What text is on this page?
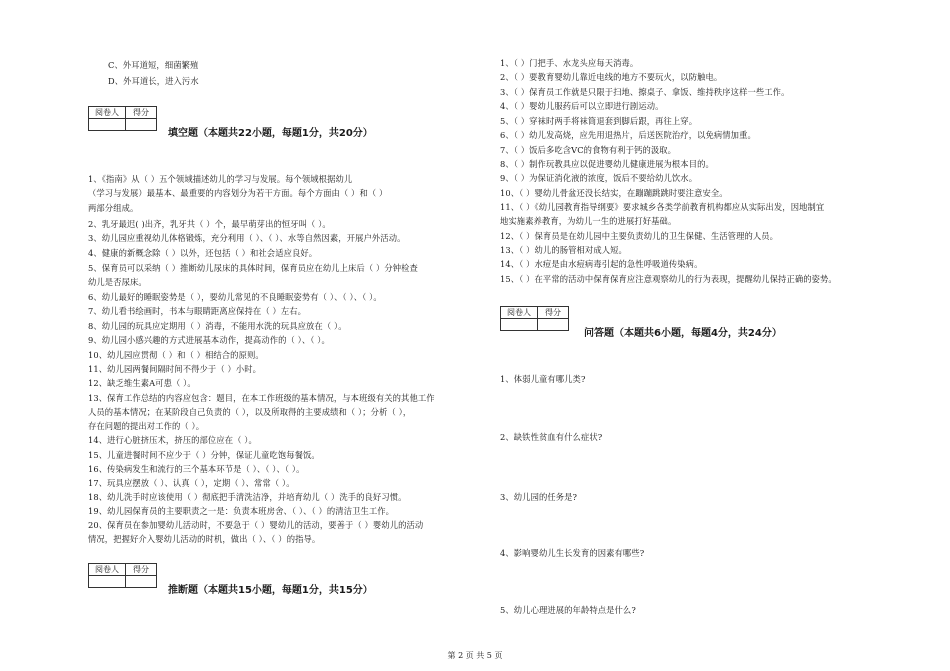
C、外耳道短，细菌繁殖
D、外耳道长，进入污水
阅卷人	得分

填空题（本题共22小题，每题1分，共20分）
1、《指南》从（ ）五个领域描述幼儿的学习与发展。每个领域根据幼儿
（学习与发展）最基本、最重要的内容划分为若干方面。每个方面由（ ）和（ ）
两部分组成。
2、乳牙最迟( )出齐，乳牙共（ ）个，最早萌芽出的恒牙叫（ ）。
3、幼儿园应重视幼儿体格锻炼，充分利用（ ）、（ ）、水等自然因素，开展户外活动。
4、健康的新概念除（ ）以外，还包括（ ）和社会适应良好。
5、保育员可以采纳（ ）推断幼儿尿床的具体时间，保育员应在幼儿上床后（ ）分钟检查
幼儿是否尿床。
6、幼儿最好的睡眠姿势是（ ），要幼儿常见的不良睡眠姿势有（ ）、（ ）、（ ）。
7、幼儿看书绘画时，书本与眼睛距离应保持在（ ）左右。
8、幼儿园的玩具应定期用（ ）消毒，不能用水洗的玩具应放在（ ）。
9、幼儿园小感兴趣的方式进展基本动作，提高动作的（ ）、（ ）。
10、幼儿园应贯彻（ ）和（ ）相结合的原则。
11、幼儿园两餐间隔时间不得少于（ ）小时。
12、缺乏维生素A可患（ ）。
13、保育工作总结的内容应包含：题目，在本工作班级的基本情况，与本班级有关的其他工作
人员的基本情况；在某阶段自己负责的（ ），以及所取得的主要成绩和（ ）；分析（ ），
存在问题的提出对工作的（ ）。
14、进行心脏挤压术，挤压的部位应在（ ）。
15、儿童进餐时间不应少于（ ）分钟，保证儿童吃饱每餐饭。
16、传染病发生和流行的三个基本环节是（ ）、（ ）、（ ）。
17、玩具应摆放（ ）、认真（ ），定期（ ）、常常（ ）。
18、幼儿洗手时应该使用（ ）彻底把手清洗洁净，并培育幼儿（ ）洗手的良好习惯。
19、幼儿园保育员的主要职责之一是：负责本班房舍、（ ）、（ ）的清洁卫生工作。
20、保育员在参加婴幼儿活动时，不要急于（ ）婴幼儿的活动，要善于（ ）婴幼儿的活动
情况，把握好介入婴幼儿活动的时机，做出（ ）、（ ）的指导。
阅卷人	得分

推断题（本题共15小题，每题1分，共15分）
1、（ ）门把手、水龙头应每天消毒。
2、（ ）要教育婴幼儿靠近电线的地方不要玩火，以防触电。
3、（ ）保育员工作就是只限于扫地、擦桌子、拿饭、维持秩序这样一些工作。
4、（ ）婴幼儿服药后可以立即进行剧运动。
5、（ ）穿袜时两手将袜筒退套到脚后跟，再往上穿。
6、（ ）幼儿发高烧，应先用退热片，后送医院治疗，以免病情加重。
7、（ ）饭后多吃含VC的食物有利于钙的汲取。
8、（ ）制作玩教具应以促进婴幼儿健康进展为根本目的。
9、（ ）为保证消化液的浓度，饭后不要给幼儿饮水。
10、（ ）婴幼儿骨盆还没长结实，在蹦蹦跳跳时要注意安全。
11、（ ）《幼儿园教育指导纲要》要求城乡各类学前教育机构都应从实际出发，因地制宜
地实施素养教育，为幼儿一生的进展打好基础。
12、（ ）保育员是在幼儿园中主要负责幼儿的卫生保健、生活管理的人员。
13、（ ）幼儿的肠管相对成人短。
14、（ ）水痘是由水痘病毒引起的急性呼吸道传染病。
15、（ ）在平常的活动中保育保育应注意观察幼儿的行为表现，提醒幼儿保持正确的姿势。
阅卷人	得分

问答题（本题共6小题，每题4分，共24分）
1、体弱儿童有哪儿类?
2、缺铁性贫血有什么症状?
3、幼儿园的任务是?
4、影响婴幼儿生长发育的因素有哪些?
5、幼儿心理进展的年龄特点是什么?
第 2 页 共 5 页
